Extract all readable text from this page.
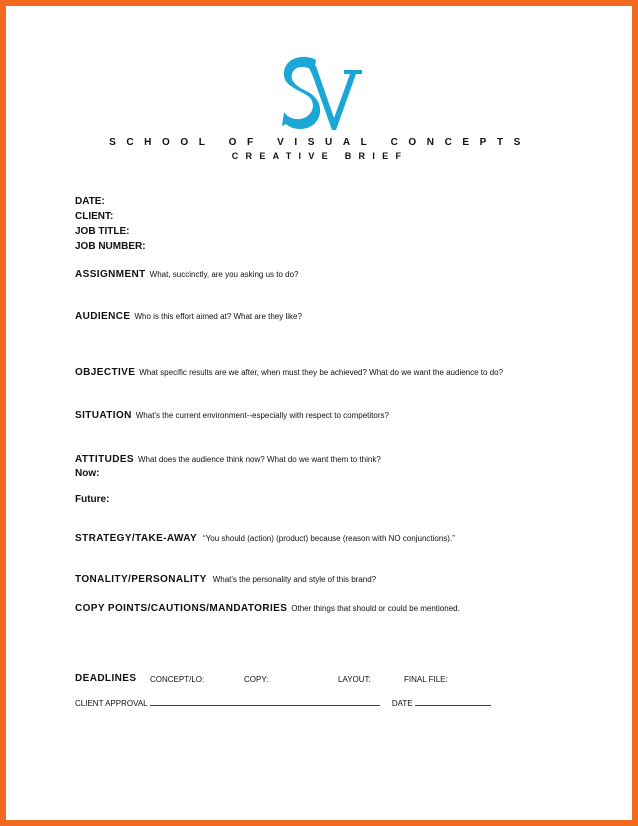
SCHOOL OF VISUAL CONCEPTS
CREATIVE BRIEF
DATE:
CLIENT:
JOB TITLE:
JOB NUMBER:
ASSIGNMENT What, succinctly, are you asking us to do?
AUDIENCE Who is this effort aimed at? What are they like?
OBJECTIVE What specific results are we after, when must they be achieved? What do we want the audience to do?
SITUATION What's the current environment--especially with respect to competitors?
ATTITUDES What does the audience think now? What do we want them to think?
Now:
Future:
STRATEGY/TAKE-AWAY “You should (action) (product) because (reason with NO conjunctions).”
TONALITY/PERSONALITY What's the personality and style of this brand?
COPY POINTS/CAUTIONS/MANDATORIES Other things that should or could be mentioned.
DEADLINES CONCEPT/LO:	COPY:	LAYOUT:	FINAL FILE:
CLIENT APPROVAL	DATE
